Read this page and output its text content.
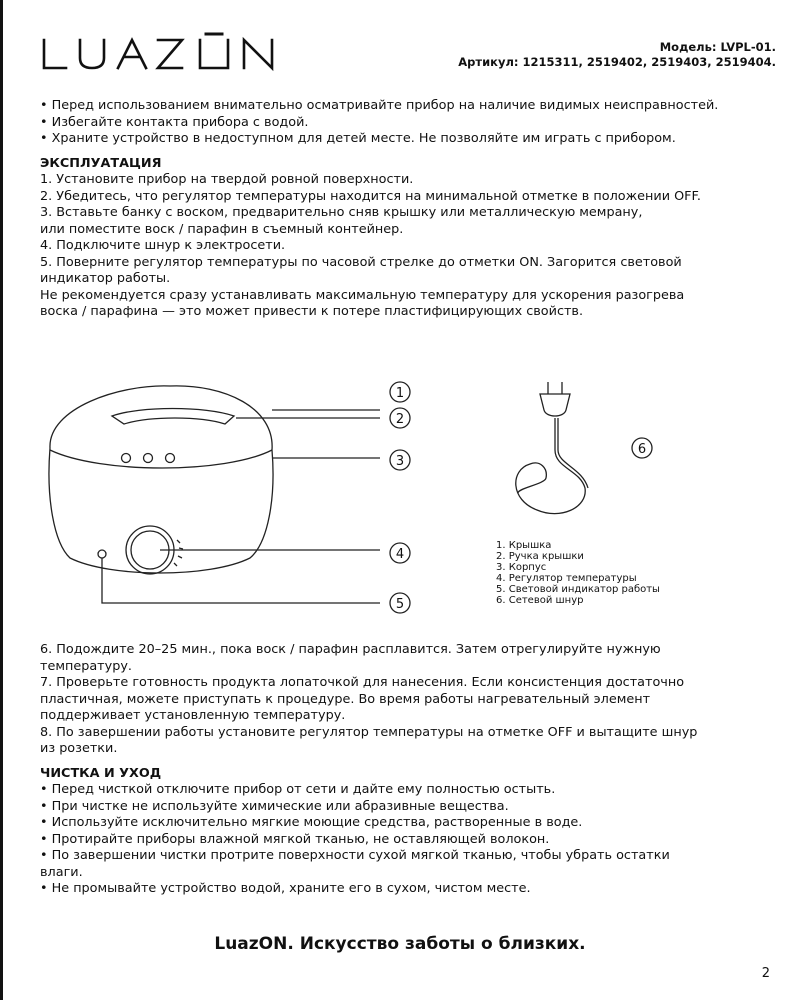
Модель: LVPL-01.
Артикул: 1215311, 2519402, 2519403, 2519404.
• Перед использованием внимательно осматривайте прибор на наличие видимых неисправностей.
• Избегайте контакта прибора с водой.
• Храните устройство в недоступном для детей месте. Не позволяйте им играть с прибором.

ЭКСПЛУАТАЦИЯ

1. Установите прибор на твердой ровной поверхности.

2. Убедитесь, что регулятор температуры находится на минимальной отметке в положении OFF.

3. Вставьте банку с воском, предварительно сняв крышку или металлическую мемрану,

или поместите воск / парафин в съемный контейнер.

4. Подключите шнур к электросети.

5. Поверните регулятор температуры по часовой стрелке до отметки ON. Загорится световой

индикатор работы.

Не рекомендуется сразу устанавливать максимальную температуру для ускорения разогрева

воска / парафина — это может привести к потере пластифицирующих свойств.

1
2
3
4
5
6
1. Крышка
2. Ручка крышки
3. Корпус
4. Регулятор температуры
5. Световой индикатор работы
6. Сетевой шнур

6. Подождите 20–25 мин., пока воск / парафин расплавится. Затем отрегулируйте нужную

температуру.

7. Проверьте готовность продукта лопаточкой для нанесения. Если консистенция достаточно

пластичная, можете приступать к процедуре. Во время работы нагревательный элемент

поддерживает установленную температуру.

8. По завершении работы установите регулятор температуры на отметке OFF и вытащите шнур

из розетки.

ЧИСТКА И УХОД

• Перед чисткой отключите прибор от сети и дайте ему полностью остыть.
• При чистке не используйте химические или абразивные вещества.
• Используйте исключительно мягкие моющие средства, растворенные в воде.
• Протирайте приборы влажной мягкой тканью, не оставляющей волокон.
• По завершении чистки протрите поверхности сухой мягкой тканью, чтобы убрать остатки

влаги.

• Не промывайте устройство водой, храните его в сухом, чистом месте.
LuazON. Искусство заботы о близких.
2
